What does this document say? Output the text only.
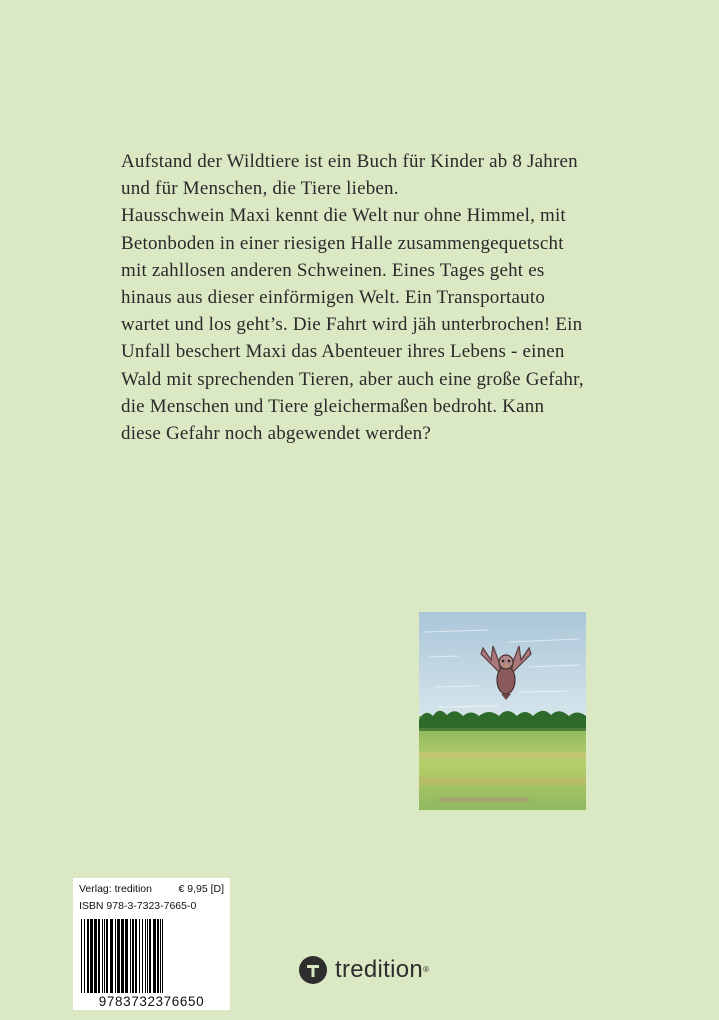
Aufstand der Wildtiere ist ein Buch für Kinder ab 8 Jahren

und für Menschen, die Tiere lieben.

Hausschwein Maxi kennt die Welt nur ohne Himmel, mit

Betonboden in einer riesigen Halle zusammengequetscht

mit zahllosen anderen Schweinen. Eines Tages geht es

hinaus aus dieser einförmigen Welt. Ein Transportauto

wartet und los geht’s. Die Fahrt wird jäh unterbrochen! Ein

Unfall beschert Maxi das Abenteuer ihres Lebens - einen

Wald mit sprechenden Tieren, aber auch eine große Gefahr,

die Menschen und Tiere gleichermaßen bedroht. Kann

diese Gefahr noch abgewendet werden?

Verlag: tredition	€ 9,95 [D]
ISBN 978-3-7323-7665-0
9783732376650
tredition ®
